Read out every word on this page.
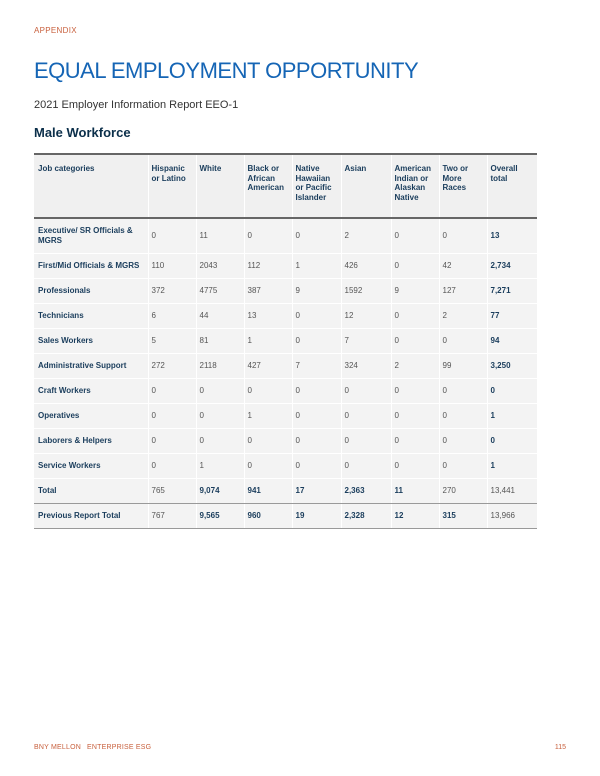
APPENDIX
EQUAL EMPLOYMENT OPPORTUNITY

2021 Employer Information Report EEO-1

Male Workforce
Job categories	Hispanic or Latino	White	Black or African American	Native Hawaiian or Pacific Islander	Asian	American Indian or Alaskan Native	Two or More Races	Overall total
Executive/ SR Officials & MGRS	0	11	0	0	2	0	0	13
First/Mid Officials & MGRS	110	2043	112	1	426	0	42	2,734
Professionals	372	4775	387	9	1592	9	127	7,271
Technicians	6	44	13	0	12	0	2	77
Sales Workers	5	81	1	0	7	0	0	94
Administrative Support	272	2118	427	7	324	2	99	3,250
Craft Workers	0	0	0	0	0	0	0	0
Operatives	0	0	1	0	0	0	0	1
Laborers & Helpers	0	0	0	0	0	0	0	0
Service Workers	0	1	0	0	0	0	0	1
Total	765	9,074	941	17	2,363	11	270	13,441
Previous Report Total	767	9,565	960	19	2,328	12	315	13,966
BNY MELLON ENTERPRISE ESG	115
